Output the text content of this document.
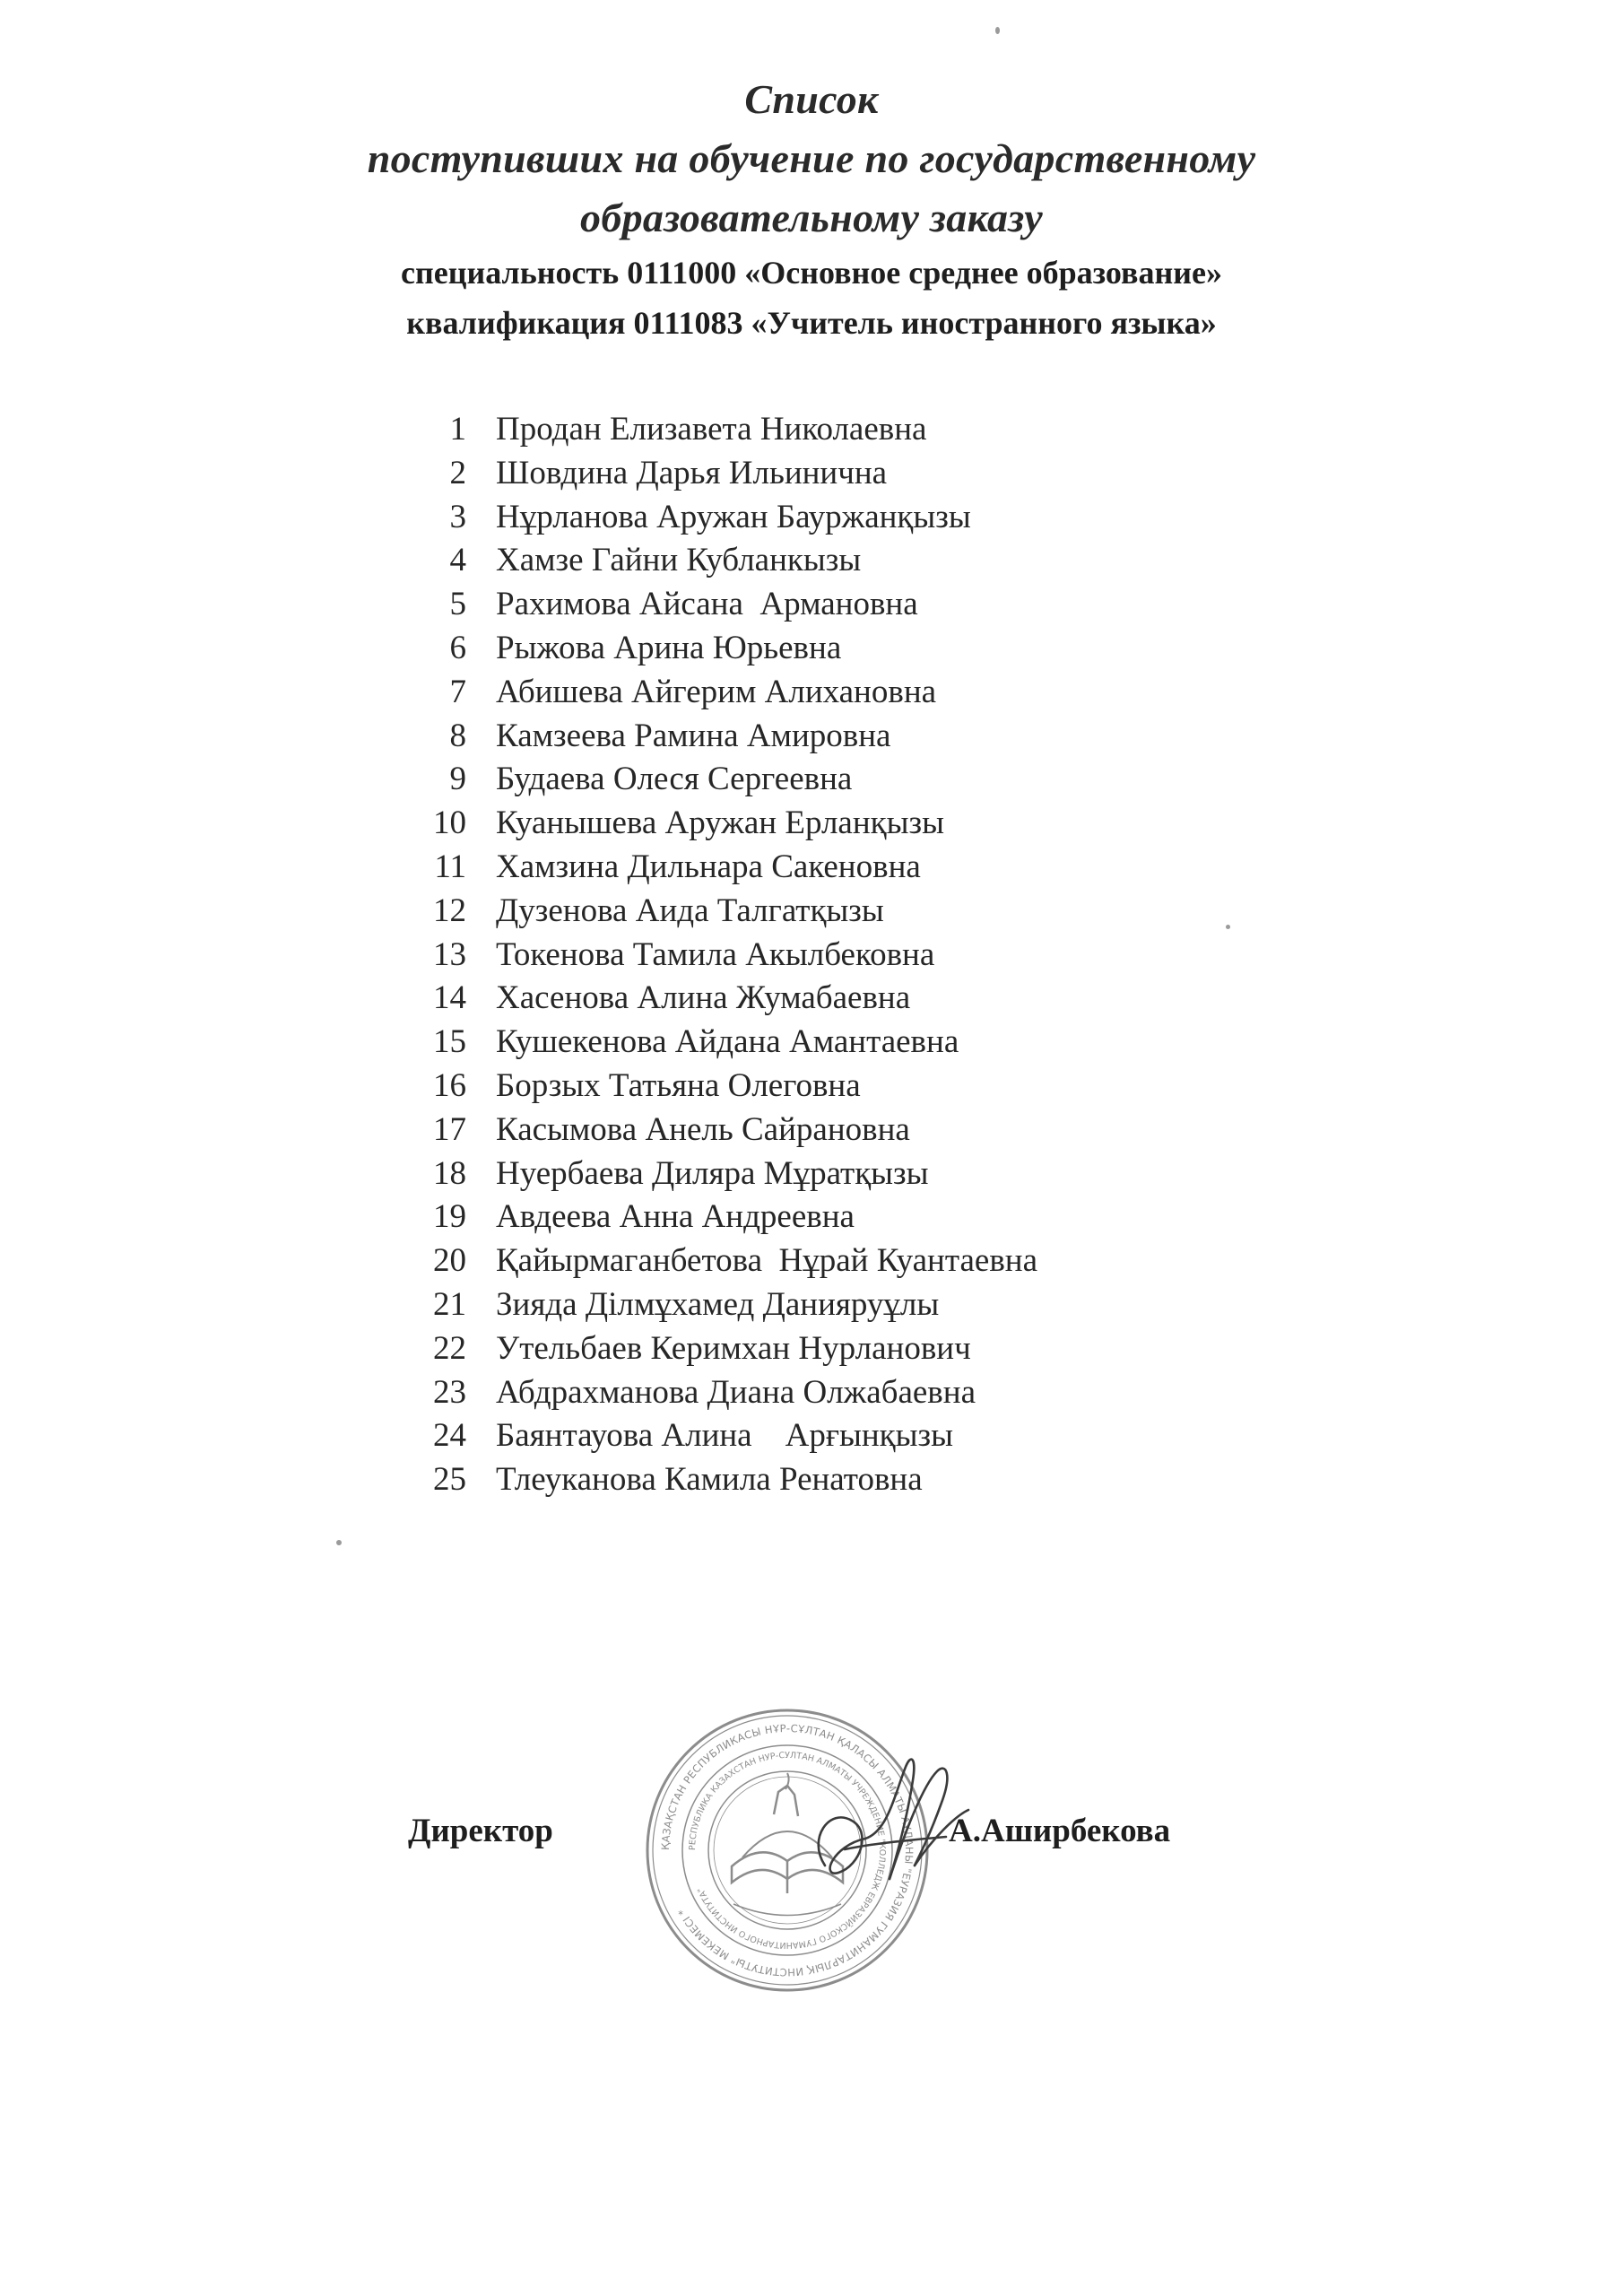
Список
поступивших на обучение по государственному
образовательному заказу
специальность 0111000 «Основное среднее образование»
квалификация 0111083 «Учитель иностранного языка»
1 Продан Елизавета Николаевна
2 Шовдина Дарья Ильинична
3 Нұрланова Аружан Бауржанқызы
4 Хамзе Гайни Кубланкызы
5 Рахимова Айсана  Армановна
6 Рыжова Арина Юрьевна
7 Абишева Айгерим Алихановна
8 Камзеева Рамина Амировна
9 Будаева Олеся Сергеевна
10 Куанышева Аружан Ерланқызы
11 Хамзина Дильнара Сакеновна
12 Дузенова Аида Талгатқызы
13 Токенова Тамила Акылбековна
14 Хасенова Алина Жумабаевна
15 Кушекенова Айдана Амантаевна
16 Борзых Татьяна Олеговна
17 Касымова Анель Сайрановна
18 Нуербаева Диляра Мұратқызы
19 Авдеева Анна Андреевна
20 Қайырмаганбетова  Нұрай Куантаевна
21 Зияда Ділмұхамед Данияруұлы
22 Утельбаев Керимхан Нурланович
23 Абдрахманова Диана Олжабаевна
24 Баянтауова Алина    Арғынқызы
25 Тлеуканова Камила Ренатовна
Директор	А.Аширбекова
ҚАЗАҚСТАН РЕСПУБЛИКАСЫ НҰР-СҰЛТАН ҚАЛАСЫ АЛМАТЫ АУДАНЫ "ЕУРАЗИЯ ГУМАНИТАРЛЫҚ ИНСТИТУТЫ" МЕКЕМЕСІ *
РЕСПУБЛИКА КАЗАХСТАН НУР-СУЛТАН АЛМАТЫ УЧРЕЖДЕНИЕ "КОЛЛЕДЖ ЕВРАЗИЙСКОГО ГУМАНИТАРНОГО ИНСТИТУТА"
